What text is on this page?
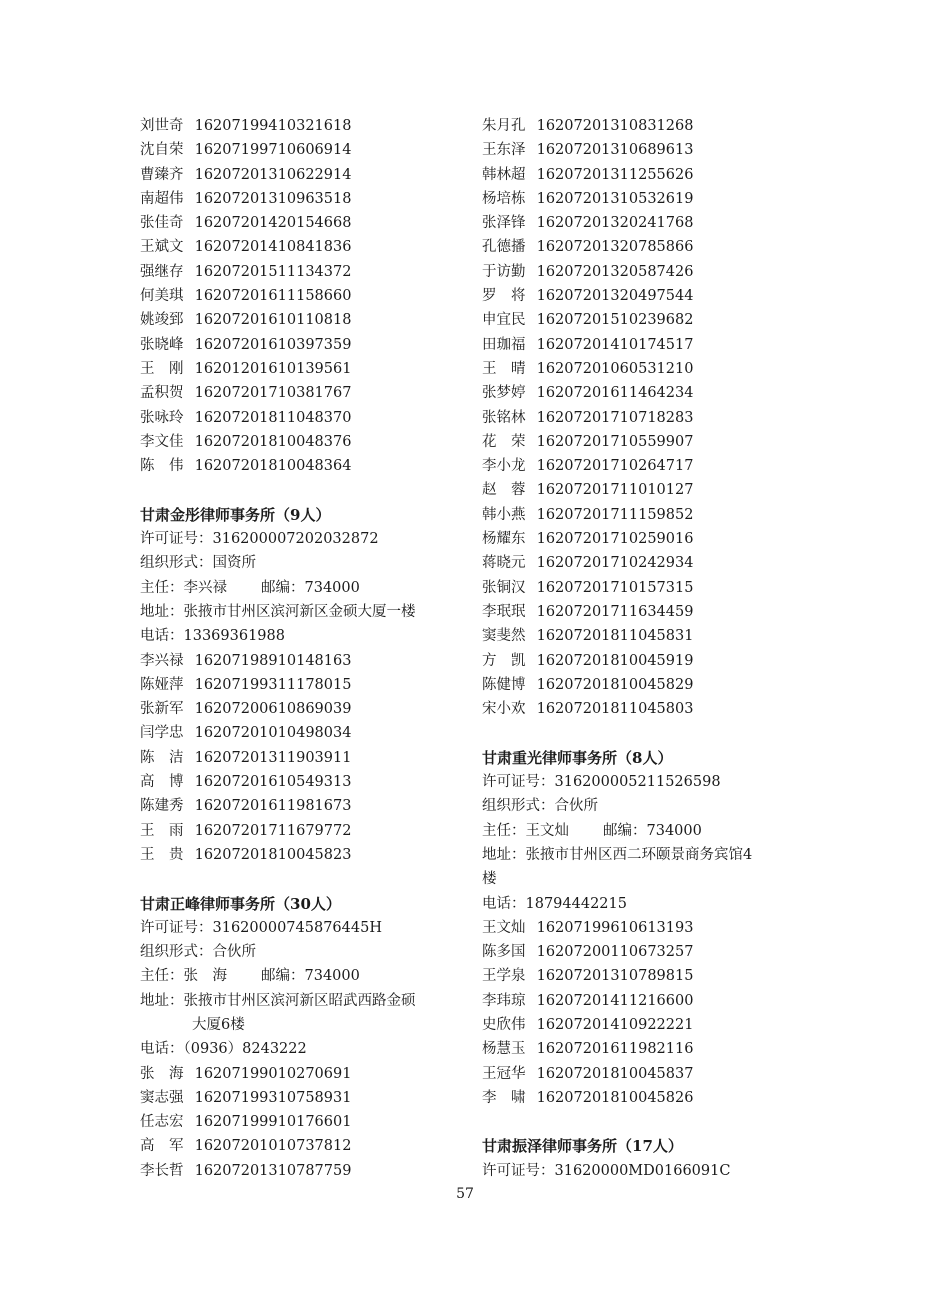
刘世奇 16207199410321618
沈自荣 16207199710606914
曹臻齐 16207201310622914
南超伟 16207201310963518
张佳奇 16207201420154668
王斌文 16207201410841836
强继存 16207201511134372
何美琪 16207201611158660
姚竣郅 16207201610110818
张晓峰 16207201610397359
王　刚 16201201610139561
孟积贺 16207201710381767
张咏玲 16207201811048370
李文佳 16207201810048376
陈　伟 16207201810048364
甘肃金彤律师事务所（9人）
许可证号：31620000720203287​2
组织形式：国资所
主任：李兴禄 邮编：734000
地址：张掖市甘州区滨河新区金硕大厦一楼
电话：13369361988
李兴禄 16207198910148163
陈娅萍 16207199311178015
张新军 16207200610869039
闫学忠 16207201010498034
陈　洁 16207201311903911
高　博 16207201610549313
陈建秀 16207201611981673
王　雨 16207201711679772
王　贵 16207201810045823
甘肃正峰律师事务所（30人）
许可证号：31620000745876445H
组织形式：合伙所
主任：张　海 邮编：734000
地址：张掖市甘州区滨河新区昭武西路金硕
大厦6楼
电话：（0936）8243222
张　海 16207199010270691
窦志强 16207199310758931
任志宏 16207199910176601
高　军 16207201010737812
李长哲 16207201310787759
朱月孔 16207201310831268
王东泽 16207201310689613
韩林超 16207201311255626
杨培栋 16207201310532619
张泽锋 16207201320241768
孔德播 16207201320785866
于访勤 16207201320587426
罗　将 16207201320497544
申宜民 16207201510239682
田珈福 16207201410174517
王　晴 16207201060531210
张梦婷 16207201611464234
张铭林 16207201710718283
花　荣 16207201710559907
李小龙 16207201710264717
赵　蓉 16207201711010127
韩小燕 16207201711159852
杨耀东 16207201710259016
蒋晓元 16207201710242934
张铜汉 16207201710157315
李珉珉 16207201711634459
窦斐然 16207201811045831
方　凯 16207201810045919
陈健博 16207201810045829
宋小欢 16207201811045803
甘肃重光律师事务所（8人）
许可证号：316200005211526598
组织形式：合伙所
主任：王文灿 邮编：734000
地址：张掖市甘州区西二环颐景商务宾馆4
楼
电话：18794442215
王文灿 16207199610613193
陈多国 16207200110673257
王学泉 16207201310789815
李玮琼 16207201411216600
史欣伟 16207201410922221
杨慧玉 16207201611982116
王冠华 16207201810045837
李　啸 16207201810045826
甘肃振泽律师事务所（17人）
许可证号：31620000MD0166091C
57
